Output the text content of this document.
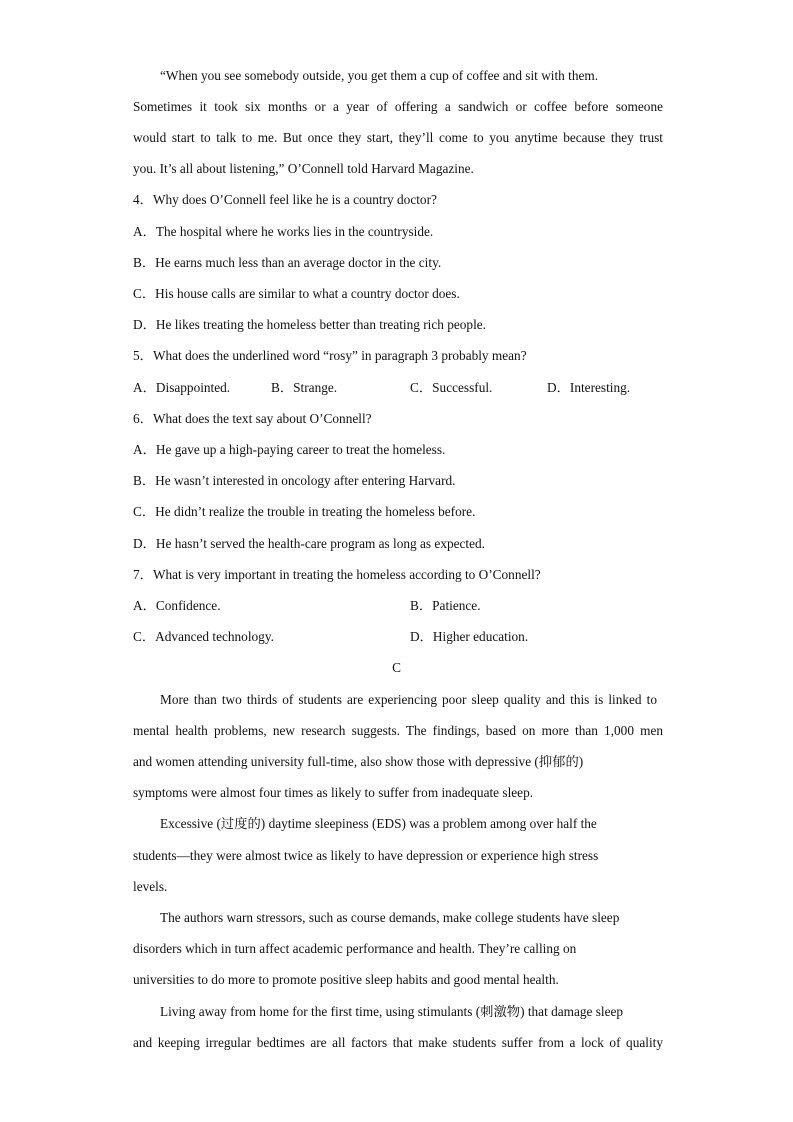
“When you see somebody outside, you get them a cup of coffee and sit with them.
Sometimes it took six months or a year of offering a sandwich or coffee before someone
would start to talk to me. But once they start, they’ll come to you anytime because they trust
you. It’s all about listening,” O’Connell told Harvard Magazine.
4．Why does O’Connell feel like he is a country doctor?
A．The hospital where he works lies in the countryside.
B．He earns much less than an average doctor in the city.
C．His house calls are similar to what a country doctor does.
D．He likes treating the homeless better than treating rich people.
5．What does the underlined word “rosy” in paragraph 3 probably mean?
A．Disappointed.	B．Strange.	C．Successful.	D．Interesting.
6．What does the text say about O’Connell?
A．He gave up a high-paying career to treat the homeless.
B．He wasn’t interested in oncology after entering Harvard.
C．He didn’t realize the trouble in treating the homeless before.
D．He hasn’t served the health-care program as long as expected.
7．What is very important in treating the homeless according to O’Connell?
A．Confidence.	B．Patience.
C．Advanced technology.	D．Higher education.
C
More than two thirds of students are experiencing poor sleep quality and this is linked to
mental health problems, new research suggests. The findings, based on more than 1,000 men
and women attending university full-time, also show those with depressive (抑郁的)
symptoms were almost four times as likely to suffer from inadequate sleep.
Excessive (过度的) daytime sleepiness (EDS) was a problem among over half the
students—they were almost twice as likely to have depression or experience high stress
levels.
The authors warn stressors, such as course demands, make college students have sleep
disorders which in turn affect academic performance and health. They’re calling on
universities to do more to promote positive sleep habits and good mental health.
Living away from home for the first time, using stimulants (刺激物) that damage sleep
and keeping irregular bedtimes are all factors that make students suffer from a lock of quality
